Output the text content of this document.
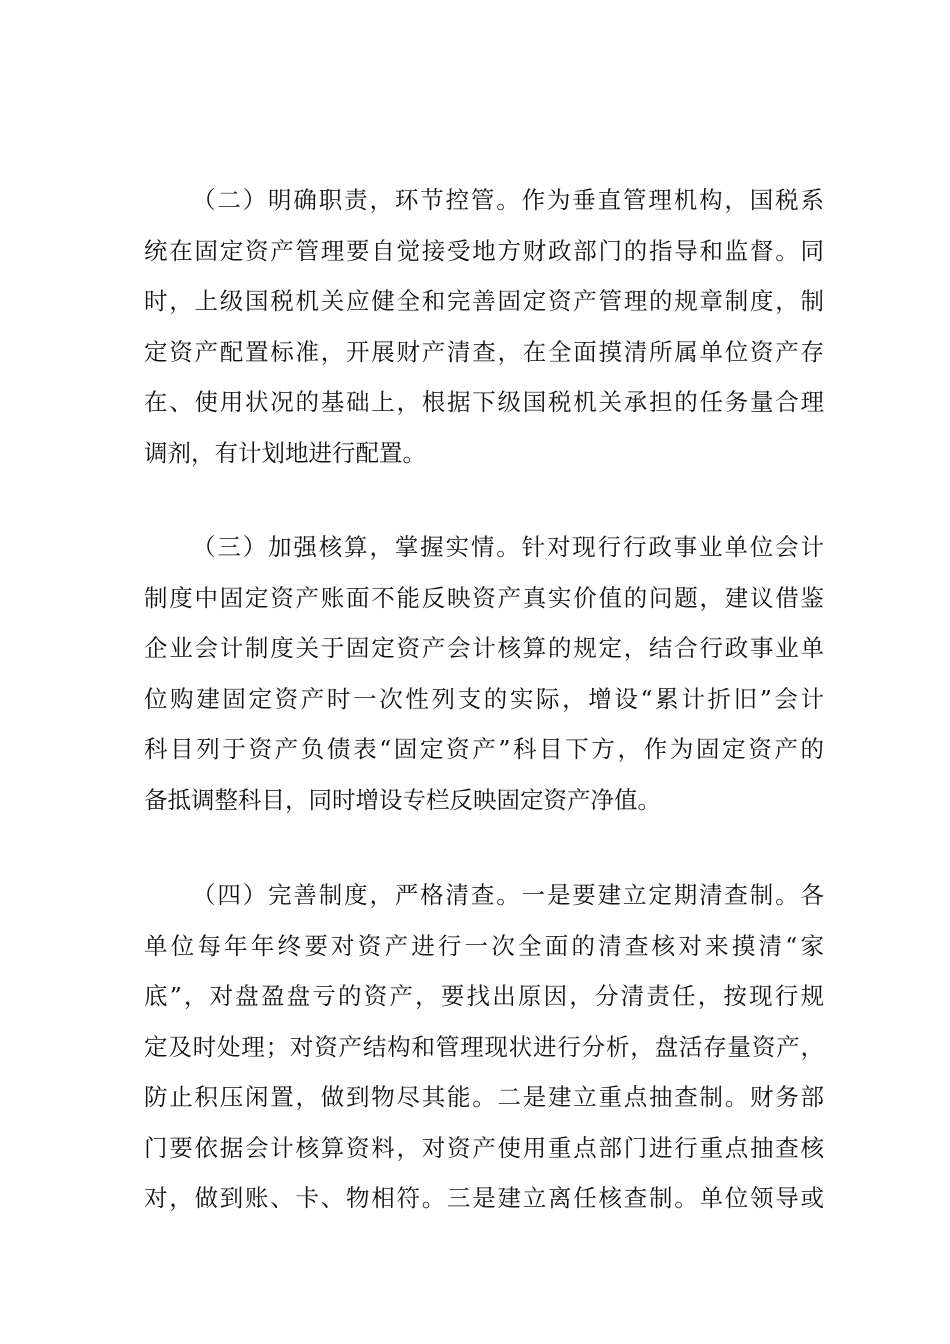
（二）明确职责，环节控管。作为垂直管理机构，国税系
统在固定资产管理要自觉接受地方财政部门的指导和监督。同
时，上级国税机关应健全和完善固定资产管理的规章制度，制
定资产配置标准，开展财产清查，在全面摸清所属单位资产存
在、使用状况的基础上，根据下级国税机关承担的任务量合理
调剂，有计划地进行配置。
（三）加强核算，掌握实情。针对现行行政事业单位会计
制度中固定资产账面不能反映资产真实价值的问题，建议借鉴
企业会计制度关于固定资产会计核算的规定，结合行政事业单
位购建固定资产时一次性列支的实际，增设“累计折旧”会计
科目列于资产负债表“固定资产”科目下方，作为固定资产的
备抵调整科目，同时增设专栏反映固定资产净值。
（四）完善制度，严格清查。一是要建立定期清查制。各
单位每年年终要对资产进行一次全面的清查核对来摸清“家
底”，对盘盈盘亏的资产，要找出原因，分清责任，按现行规
定及时处理；对资产结构和管理现状进行分析，盘活存量资产，
防止积压闲置，做到物尽其能。二是建立重点抽查制。财务部
门要依据会计核算资料，对资产使用重点部门进行重点抽查核
对，做到账、卡、物相符。三是建立离任核查制。单位领导或
